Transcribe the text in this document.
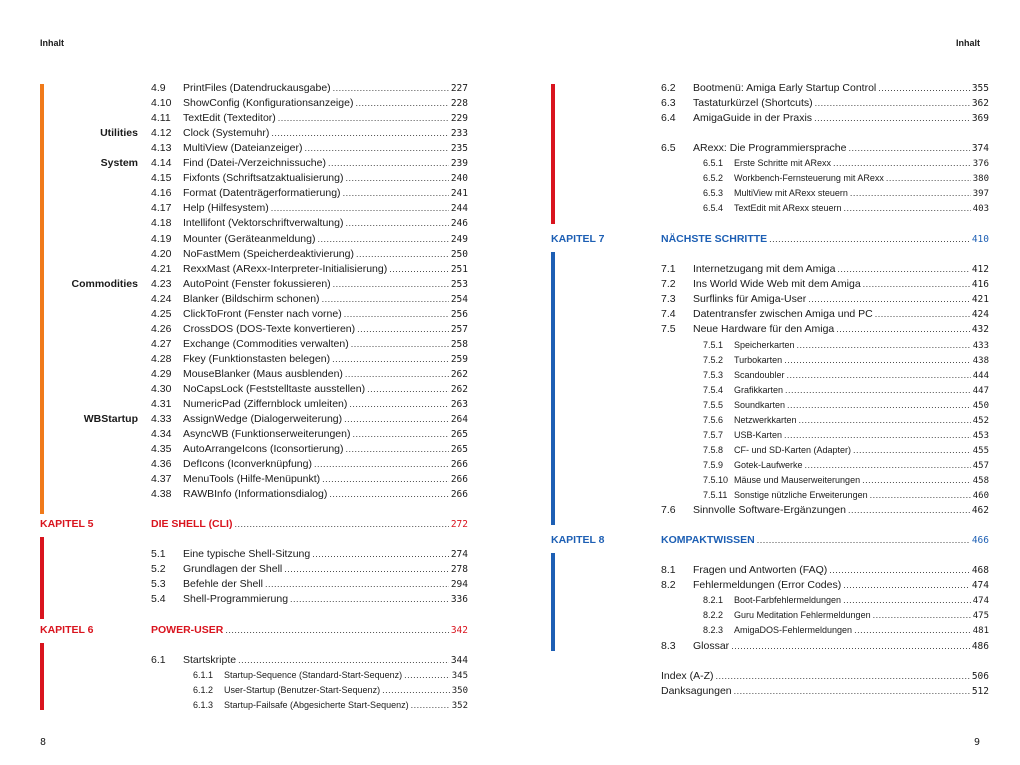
Inhalt
8
4.9 PrintFiles (Datendruckausgabe) .....	227
4.10 ShowConfig (Konfigurationsanzeige) .....	228
4.11 TextEdit (Texteditor) .....	229
4.12 Clock (Systemuhr) .....	233
4.13 MultiView (Dateianzeiger) .....	235
4.14 Find (Datei-/Verzeichnissuche) .....	239
4.15 Fixfonts (Schriftsatzaktualisierung) .....	240
4.16 Format (Datenträgerformatierung) .....	241
4.17 Help (Hilfesystem) .....	244
4.18 Intellifont (Vektorschriftverwaltung) .....	246
4.19 Mounter (Geräteanmeldung) .....	249
4.20 NoFastMem (Speicherdeaktivierung) .....	250
4.21 RexxMast (ARexx-Interpreter-Initialisierung) .....	251
4.23 AutoPoint (Fenster fokussieren) .....	253
4.24 Blanker (Bildschirm schonen) .....	254
4.25 ClickToFront (Fenster nach vorne) .....	256
4.26 CrossDOS (DOS-Texte konvertieren) .....	257
4.27 Exchange (Commodities verwalten) .....	258
4.28 Fkey (Funktionstasten belegen) .....	259
4.29 MouseBlanker (Maus ausblenden) .....	262
4.30 NoCapsLock (Feststelltaste ausstellen) .....	262
4.31 NumericPad (Ziffernblock umleiten) .....	263
4.33 AssignWedge (Dialogerweiterung) .....	264
4.34 AsyncWB (Funktionserweiterungen) .....	265
4.35 AutoArrangeIcons (Iconsortierung) .....	265
4.36 DefIcons (Iconverknüpfung) .....	266
4.37 MenuTools (Hilfe-Menüpunkt) .....	266
4.38 RAWBInfo (Informationsdialog) .....	266
Utilities
System
Commodities
WBStartup
KAPITEL 5	DIE SHELL (CLI) .....	272
5.1 Eine typische Shell-Sitzung .....	274
5.2 Grundlagen der Shell .....	278
5.3 Befehle der Shell .....	294
5.4 Shell-Programmierung .....	336
KAPITEL 6	POWER-USER .....	342
6.1 Startskripte .....	344
6.1.1 Startup-Sequence (Standard-Start-Sequenz) .....	345
6.1.2 User-Startup (Benutzer-Start-Sequenz) .....	350
6.1.3 Startup-Failsafe (Abgesicherte Start-Sequenz) .....	352
Inhalt
9
6.2 Bootmenü: Amiga Early Startup Control .....	355
6.3 Tastaturkürzel (Shortcuts) .....	362
6.4 AmigaGuide in der Praxis .....	369
6.5 ARexx: Die Programmiersprache .....	374
6.5.1 Erste Schritte mit ARexx .....	376
6.5.2 Workbench-Fernsteuerung mit ARexx .....	380
6.5.3 MultiView mit ARexx steuern .....	397
6.5.4 TextEdit mit ARexx steuern .....	403
KAPITEL 7	NÄCHSTE SCHRITTE .....	410
7.1 Internetzugang mit dem Amiga .....	412
7.2 Ins World Wide Web mit dem Amiga .....	416
7.3 Surflinks für Amiga-User .....	421
7.4 Datentransfer zwischen Amiga und PC .....	424
7.5 Neue Hardware für den Amiga .....	432
7.5.1 Speicherkarten .....	433
7.5.2 Turbokarten .....	438
7.5.3 Scandoubler .....	444
7.5.4 Grafikkarten .....	447
7.5.5 Soundkarten .....	450
7.5.6 Netzwerkkarten .....	452
7.5.7 USB-Karten .....	453
7.5.8 CF- und SD-Karten (Adapter) .....	455
7.5.9 Gotek-Laufwerke .....	457
7.5.10 Mäuse und Mauserweiterungen .....	458
7.5.11 Sonstige nützliche Erweiterungen .....	460
7.6 Sinnvolle Software-Ergänzungen .....	462
KAPITEL 8	KOMPAKTWISSEN .....	466
8.1 Fragen und Antworten (FAQ) .....	468
8.2 Fehlermeldungen (Error Codes) .....	474
8.2.1 Boot-Farbfehlermeldungen .....	474
8.2.2 Guru Meditation Fehlermeldungen .....	475
8.2.3 AmigaDOS-Fehlermeldungen .....	481
8.3 Glossar .....	486
Index (A-Z) .....	506
Danksagungen .....	512
